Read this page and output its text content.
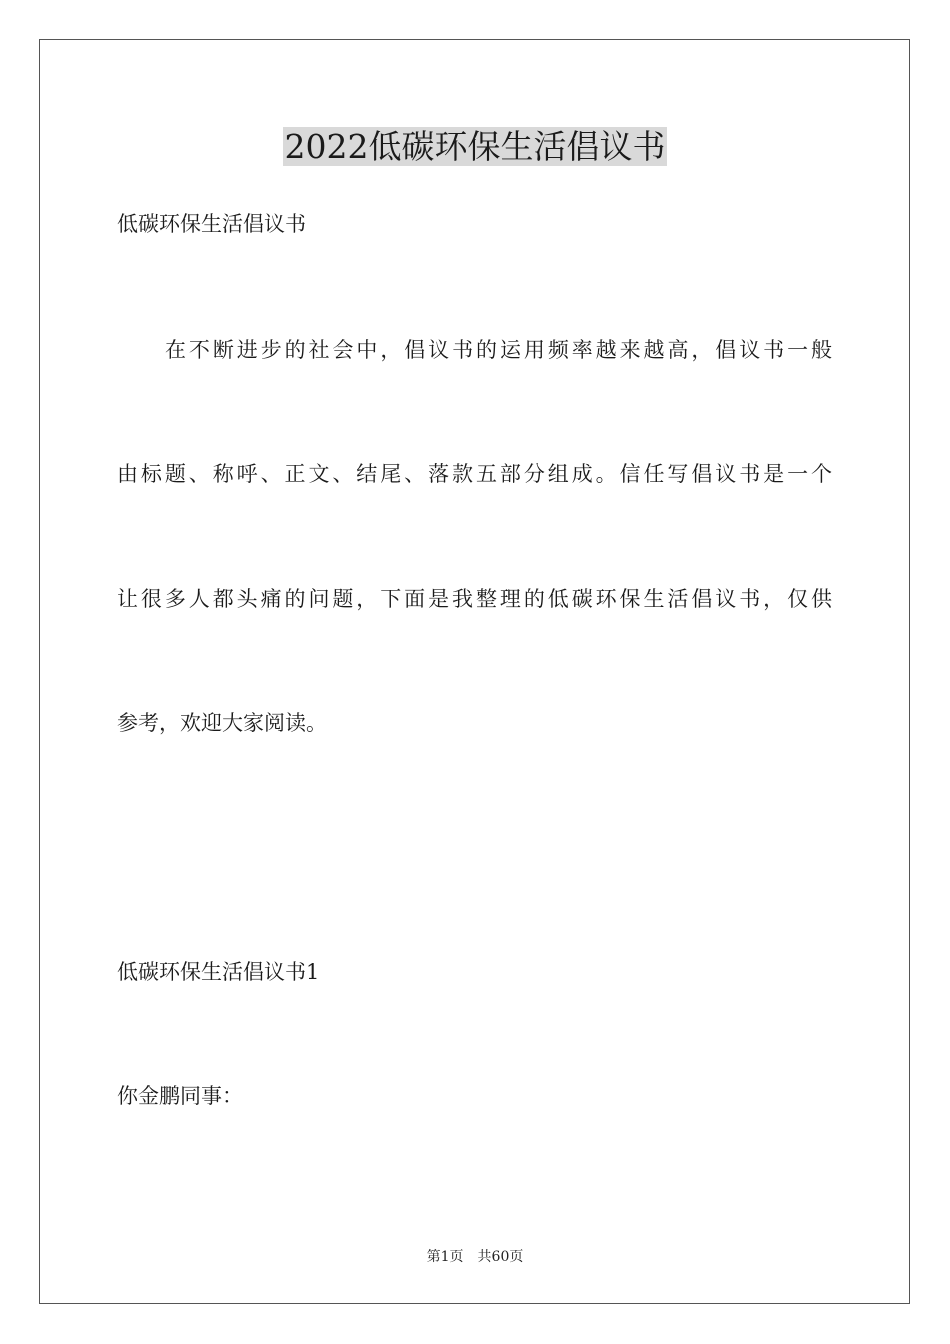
2022低碳环保生活倡议书
低碳环保生活倡议书
在不断进步的社会中，倡议书的运用频率越来越高，倡议书一般
由标题、称呼、正文、结尾、落款五部分组成。信任写倡议书是一个
让很多人都头痛的问题，下面是我整理的低碳环保生活倡议书，仅供
参考，欢迎大家阅读。
低碳环保生活倡议书1
你金鹏同事：
第1页 共60页
